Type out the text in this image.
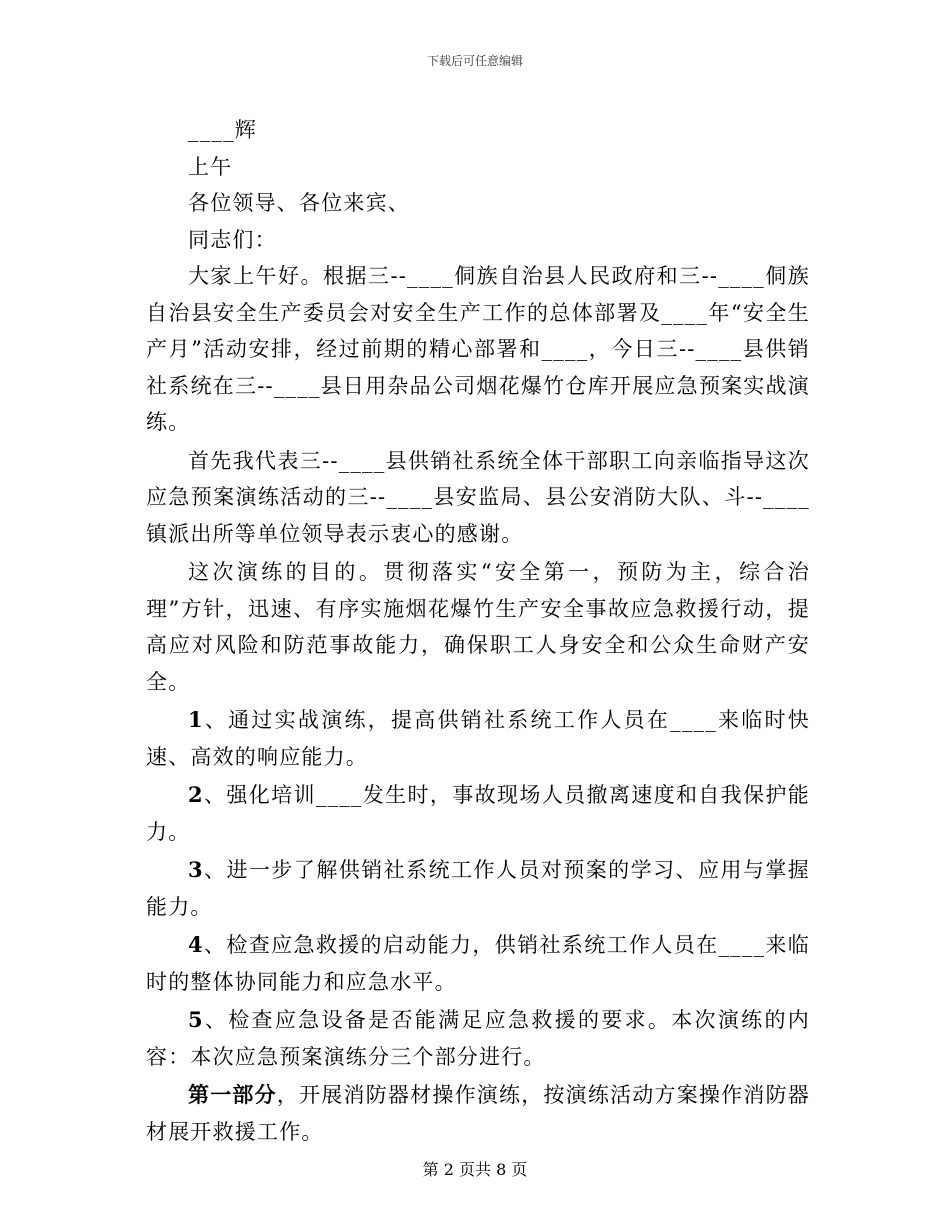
下载后可任意编辑

____辉

上午

各位领导、各位来宾、

同志们：

大家上午好。根据三--____侗族自治县人民政府和三--____侗族自治县安全生产委员会对安全生产工作的总体部署及____年“安全生产月”活动安排，经过前期的精心部署和____，今日三--____县供销社系统在三--____县日用杂品公司烟花爆竹仓库开展应急预案实战演练。

首先我代表三--____县供销社系统全体干部职工向亲临指导这次应急预案演练活动的三--____县安监局、县公安消防大队、斗--____镇派出所等单位领导表示衷心的感谢。

这次演练的目的。贯彻落实“安全第一，预防为主，综合治理”方针，迅速、有序实施烟花爆竹生产安全事故应急救援行动，提高应对风险和防范事故能力，确保职工人身安全和公众生命财产安全。

1、通过实战演练，提高供销社系统工作人员在____来临时快速、高效的响应能力。

2、强化培训____发生时，事故现场人员撤离速度和自我保护能力。

3、进一步了解供销社系统工作人员对预案的学习、应用与掌握能力。

4、检查应急救援的启动能力，供销社系统工作人员在____来临时的整体协同能力和应急水平。

5、检查应急设备是否能满足应急救援的要求。本次演练的内容：本次应急预案演练分三个部分进行。

第一部分，开展消防器材操作演练，按演练活动方案操作消防器材展开救援工作。

第 2 页共 8 页
